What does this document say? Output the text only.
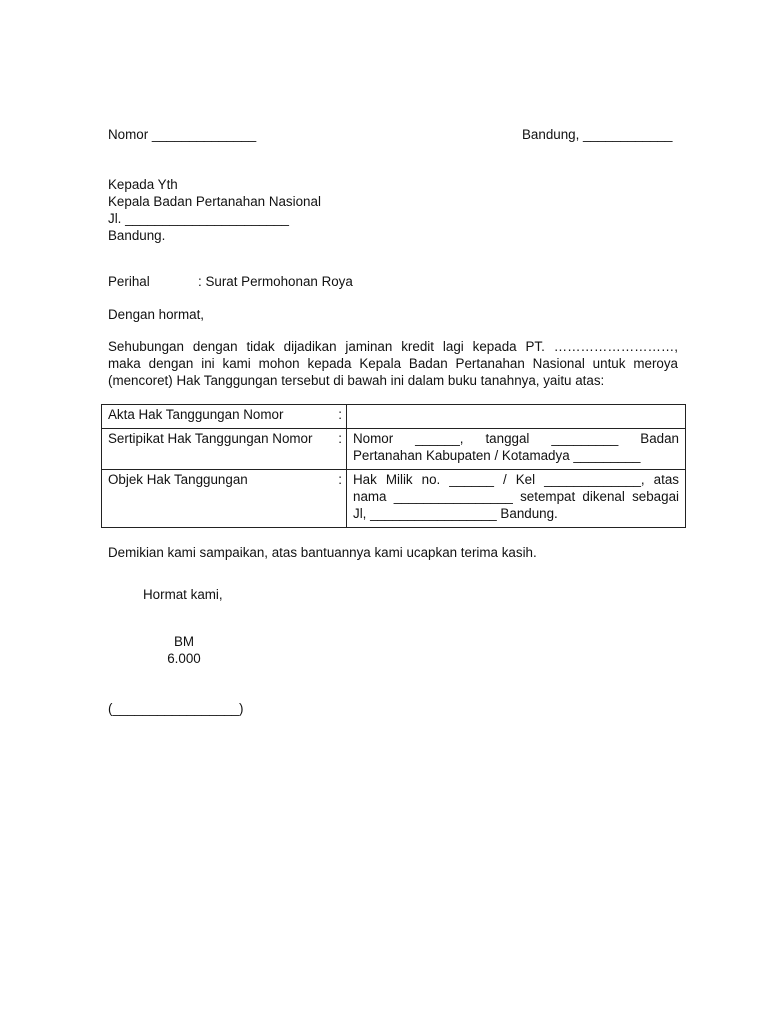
Nomor ______________	Bandung, ____________
Kepada Yth
Kepala Badan Pertanahan Nasional
Jl. ______________________
Bandung.
Perihal	: Surat Permohonan Roya
Dengan hormat,
Sehubungan dengan tidak dijadikan jaminan kredit lagi kepada PT. ………………………,
maka dengan ini kami mohon kepada Kepala Badan Pertanahan Nasional untuk meroya
(mencoret) Hak Tanggungan tersebut di bawah ini dalam buku tanahnya, yaitu atas:
Akta Hak Tanggungan Nomor :	

Sertipikat Hak Tanggungan Nomor :	Nomor ______, tanggal _________ Badan
Pertanahan Kabupaten / Kotamadya _________

Objek Hak Tanggungan :	Hak Milik no. ______ / Kel _____________, atas
nama ________________ setempat dikenal sebagai
Jl, _________________ Bandung.
Demikian kami sampaikan, atas bantuannya kami ucapkan terima kasih.
Hormat kami,
BM
6.000
(_________________)
